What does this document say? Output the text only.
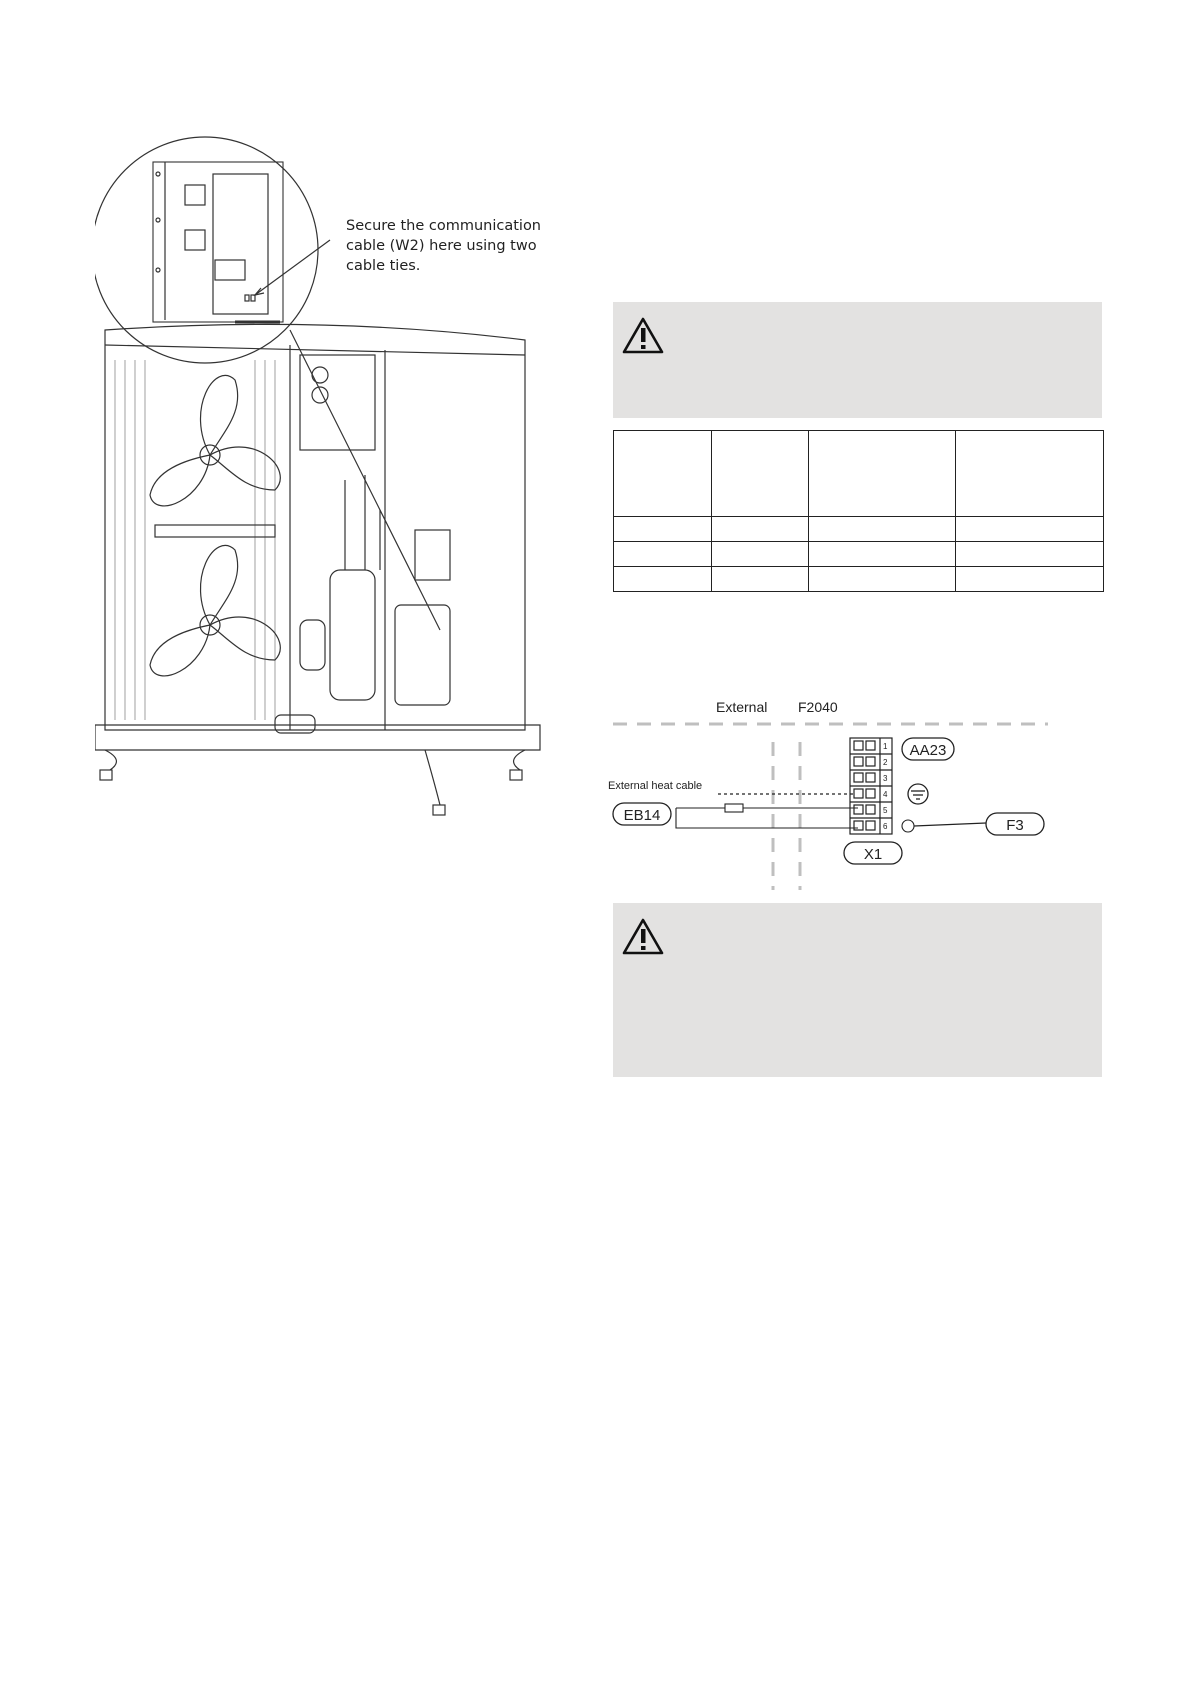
Secure the communication
cable (W2) here using two
cable ties.

External F2040
1
2
3
4
5
6
AA23
External heat cable
EB14
F3
X1
